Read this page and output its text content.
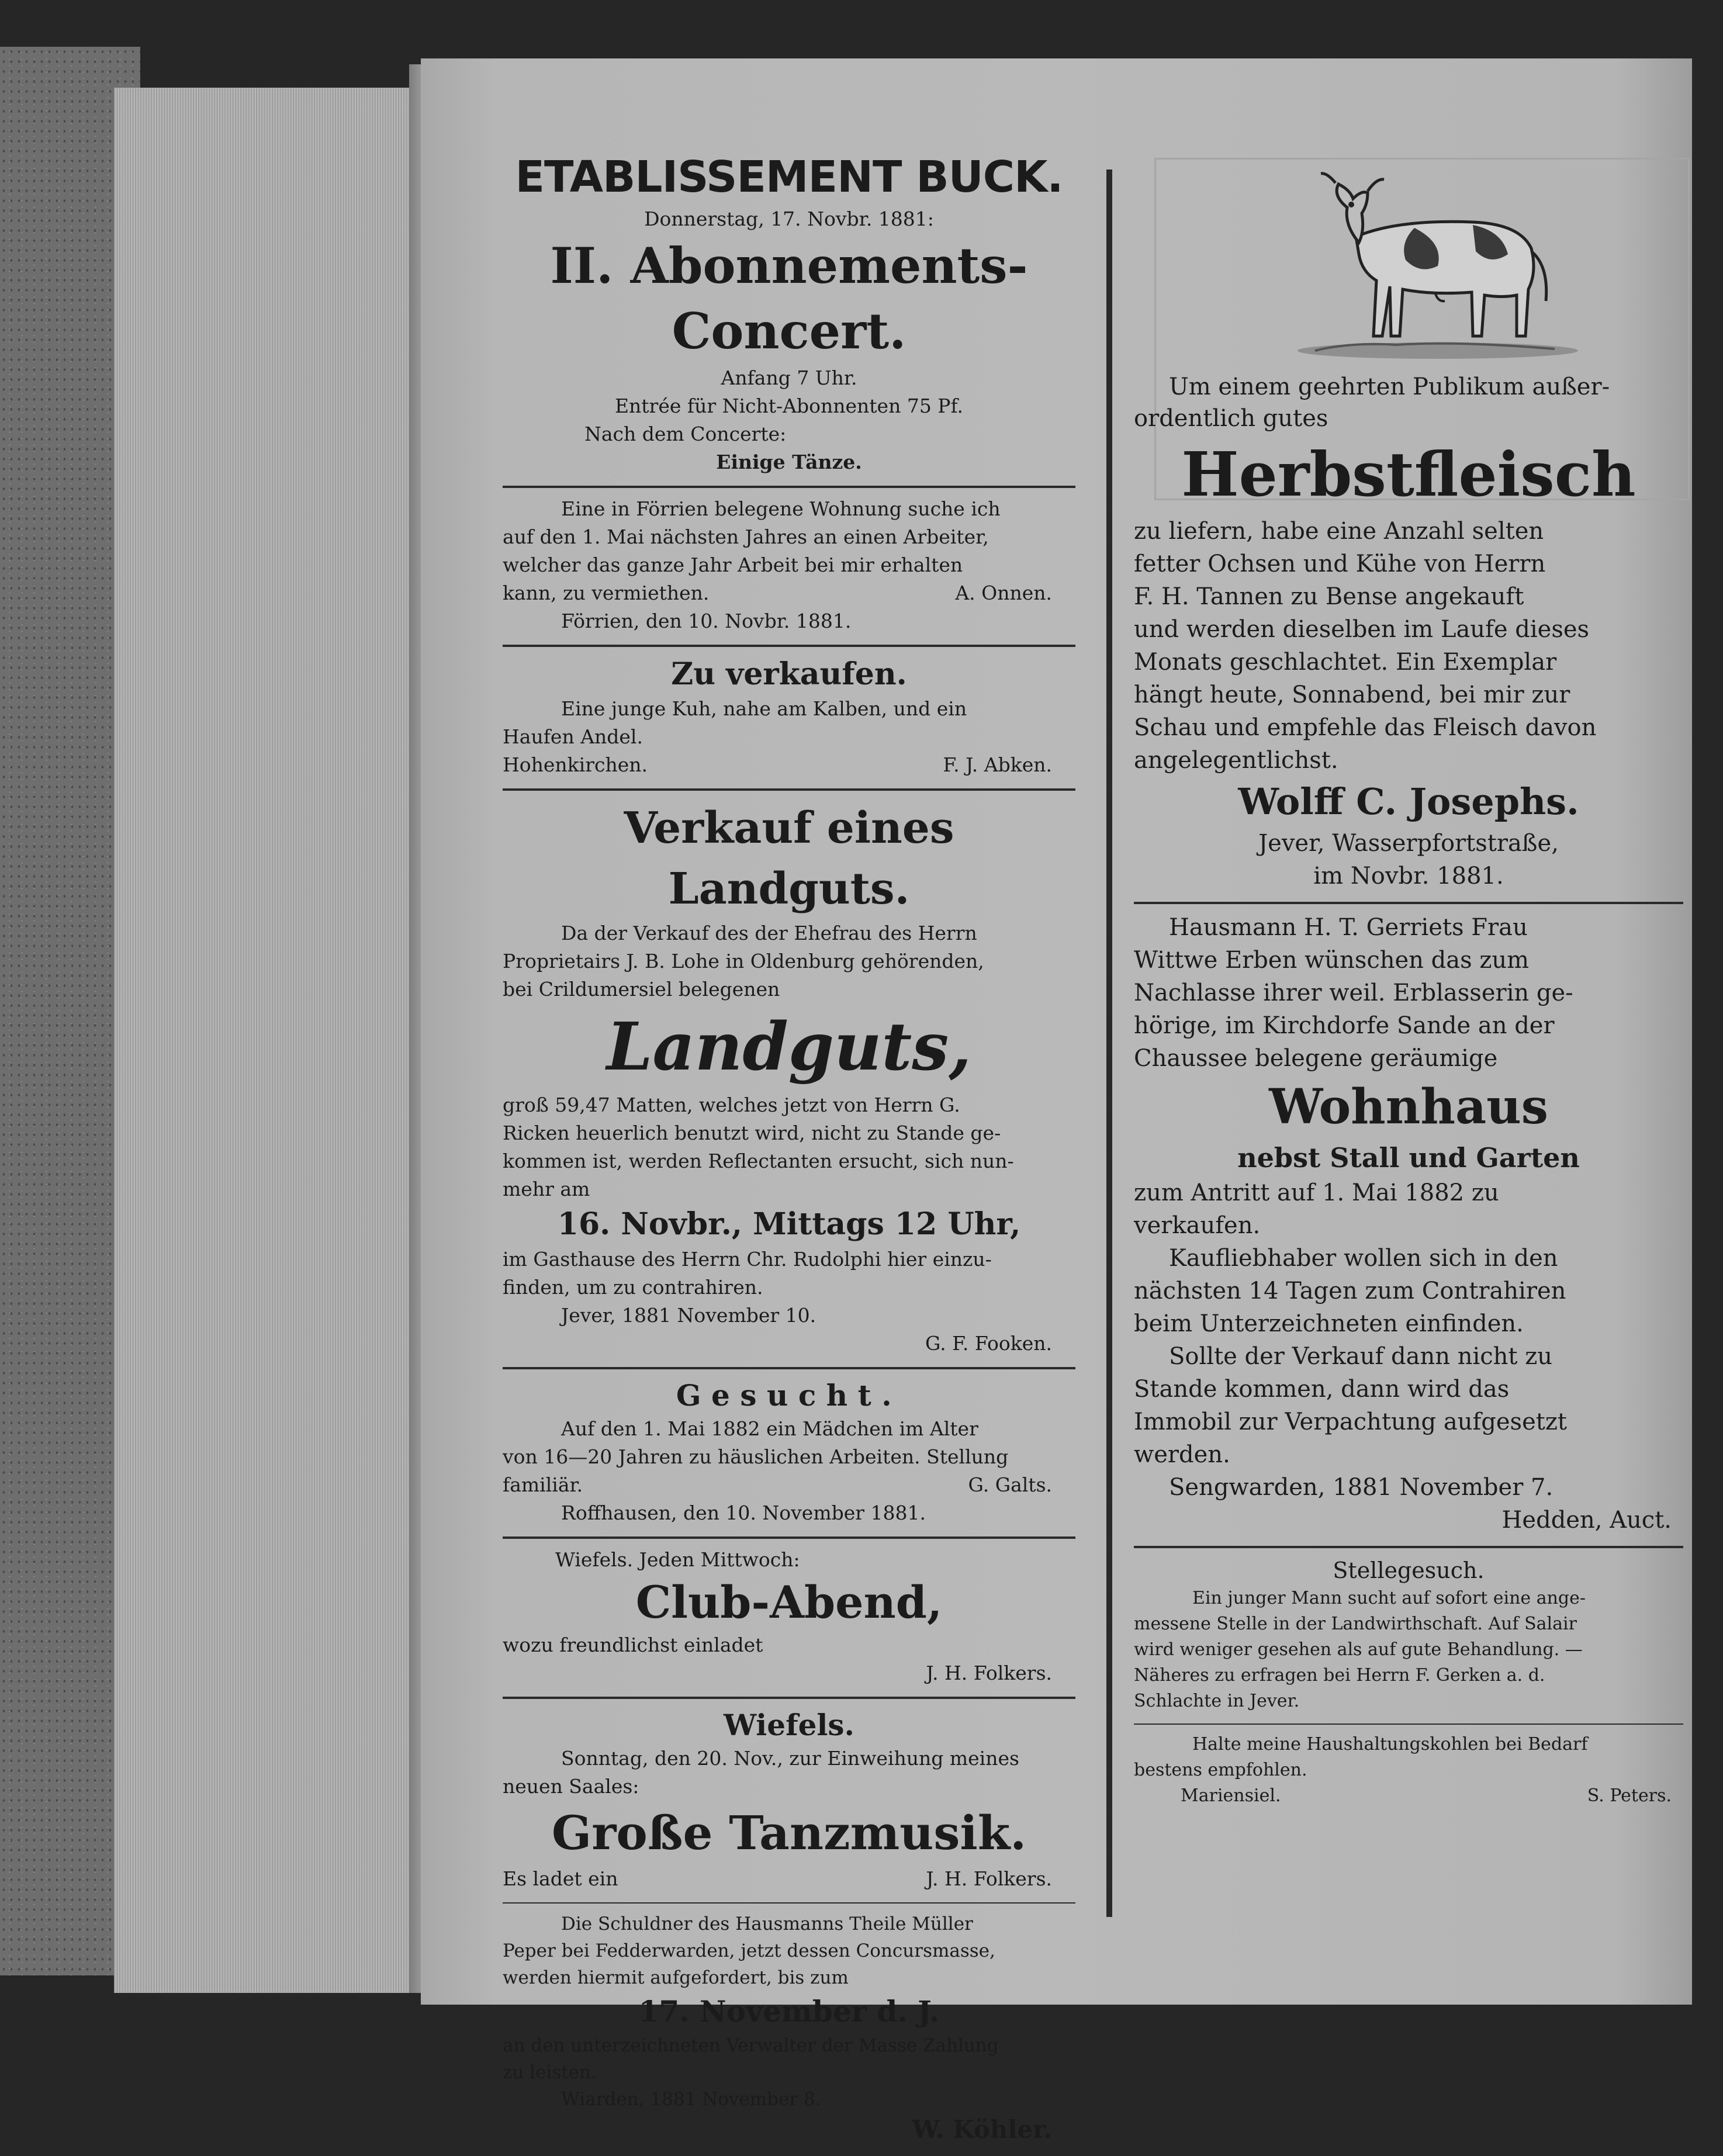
ETABLISSEMENT BUCK.
Donnerstag, 17. Novbr. 1881:
II. Abonnements-Concert.
Anfang 7 Uhr.
Entrée für Nicht-Abonnenten 75 Pf.
Nach dem Concerte:
Einige Tänze.
Eine in Förrien belegene Wohnung suche ich
auf den 1. Mai nächsten Jahres an einen Arbeiter,
welcher das ganze Jahr Arbeit bei mir erhalten
kann, zu vermiethen.	A. Onnen.
Förrien, den 10. Novbr. 1881.
Zu verkaufen.
Eine junge Kuh, nahe am Kalben, und ein
Haufen Andel.
Hohenkirchen.	F. J. Abken.
Verkauf eines Landguts.
Da der Verkauf des der Ehefrau des Herrn
Proprietairs J. B. Lohe in Oldenburg gehörenden,
bei Crildumersiel belegenen
Landguts,
groß 59,47 Matten, welches jetzt von Herrn G.
Ricken heuerlich benutzt wird, nicht zu Stande ge-
kommen ist, werden Reflectanten ersucht, sich nun-
mehr am
16. Novbr., Mittags 12 Uhr,
im Gasthause des Herrn Chr. Rudolphi hier einzu-
finden, um zu contrahiren.
Jever, 1881 November 10.
G. F. Fooken.
Gesucht.
Auf den 1. Mai 1882 ein Mädchen im Alter
von 16—20 Jahren zu häuslichen Arbeiten. Stellung
familiär.	G. Galts.
Roffhausen, den 10. November 1881.
Wiefels. Jeden Mittwoch:
Club-Abend,
wozu freundlichst einladet
J. H. Folkers.
Wiefels.
Sonntag, den 20. Nov., zur Einweihung meines
neuen Saales:
Große Tanzmusik.
Es ladet ein	J. H. Folkers.
Die Schuldner des Hausmanns Theile Müller
Peper bei Fedderwarden, jetzt dessen Concursmasse,
werden hiermit aufgefordert, bis zum
17. November d. J.
an den unterzeichneten Verwalter der Masse Zahlung
zu leisten.
Wiarden, 1881 November 8.
W. Köhler.
Um einem geehrten Publikum außer-
ordentlich gutes
Herbstfleisch
zu liefern, habe eine Anzahl selten
fetter Ochsen und Kühe von Herrn
F. H. Tannen zu Bense angekauft
und werden dieselben im Laufe dieses
Monats geschlachtet. Ein Exemplar
hängt heute, Sonnabend, bei mir zur
Schau und empfehle das Fleisch davon
angelegentlichst.
Wolff C. Josephs.
Jever, Wasserpfortstraße,
im Novbr. 1881.
Hausmann H. T. Gerriets Frau
Wittwe Erben wünschen das zum
Nachlasse ihrer weil. Erblasserin ge-
hörige, im Kirchdorfe Sande an der
Chaussee belegene geräumige
Wohnhaus
nebst Stall und Garten
zum Antritt auf 1. Mai 1882 zu
verkaufen.
Kaufliebhaber wollen sich in den
nächsten 14 Tagen zum Contrahiren
beim Unterzeichneten einfinden.
Sollte der Verkauf dann nicht zu
Stande kommen, dann wird das
Immobil zur Verpachtung aufgesetzt
werden.
Sengwarden, 1881 November 7.
Hedden, Auct.
Stellegesuch.
Ein junger Mann sucht auf sofort eine ange-
messene Stelle in der Landwirthschaft. Auf Salair
wird weniger gesehen als auf gute Behandlung. —
Näheres zu erfragen bei Herrn F. Gerken a. d.
Schlachte in Jever.
Halte meine Haushaltungskohlen bei Bedarf
bestens empfohlen.
Mariensiel.	S. Peters.
